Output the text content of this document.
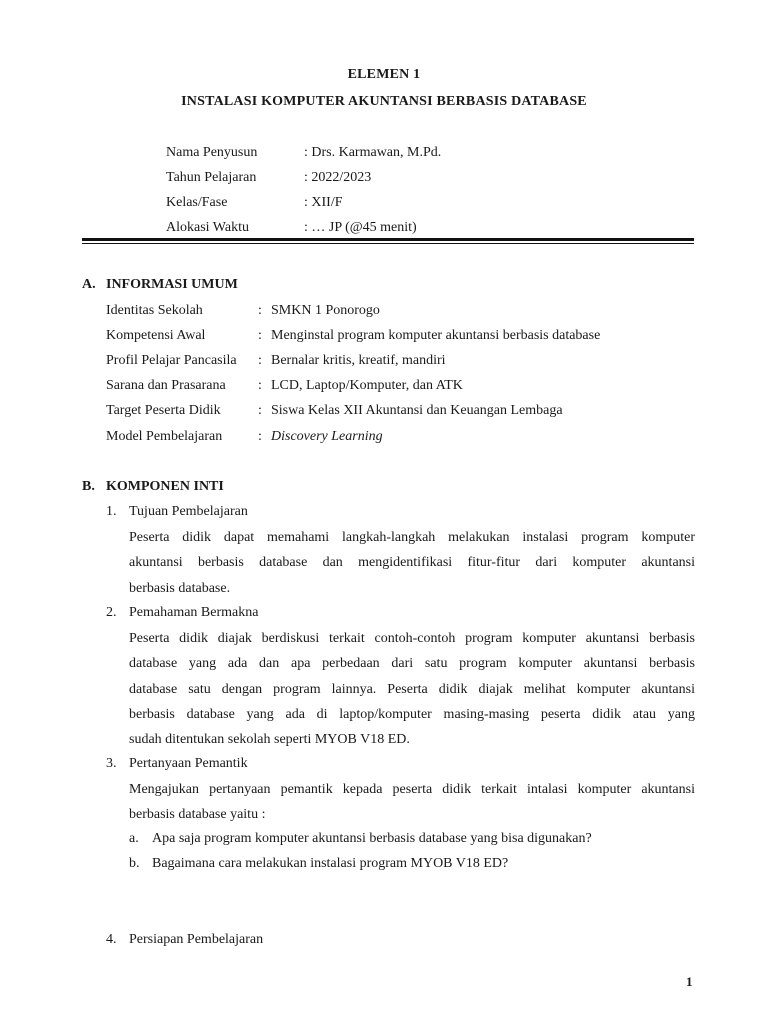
ELEMEN 1
INSTALASI KOMPUTER AKUNTANSI BERBASIS DATABASE
Nama Penyusun	: Drs. Karmawan, M.Pd.
Tahun Pelajaran	: 2022/2023
Kelas/Fase	: XII/F
Alokasi Waktu	: … JP (@45 menit)
A. INFORMASI UMUM
Identitas Sekolah	: SMKN 1 Ponorogo
Kompetensi Awal	: Menginstal program komputer akuntansi berbasis database
Profil Pelajar Pancasila	: Bernalar kritis, kreatif, mandiri
Sarana dan Prasarana	: LCD, Laptop/Komputer, dan ATK
Target Peserta Didik	: Siswa Kelas XII Akuntansi dan Keuangan Lembaga
Model Pembelajaran	: Discovery Learning
B. KOMPONEN INTI
1. Tujuan Pembelajaran
Peserta didik dapat memahami langkah-langkah melakukan instalasi program komputer
akuntansi berbasis database dan mengidentifikasi fitur-fitur dari komputer akuntansi
berbasis database.
2. Pemahaman Bermakna
Peserta didik diajak berdiskusi terkait contoh-contoh program komputer akuntansi berbasis
database yang ada dan apa perbedaan dari satu program komputer akuntansi berbasis
database satu dengan program lainnya. Peserta didik diajak melihat komputer akuntansi
berbasis database yang ada di laptop/komputer masing-masing peserta didik atau yang
sudah ditentukan sekolah seperti MYOB V18 ED.
3. Pertanyaan Pemantik
Mengajukan pertanyaan pemantik kepada peserta didik terkait intalasi komputer akuntansi
berbasis database yaitu :
a. Apa saja program komputer akuntansi berbasis database yang bisa digunakan?
b. Bagaimana cara melakukan instalasi program MYOB V18 ED?
4. Persiapan Pembelajaran
1
